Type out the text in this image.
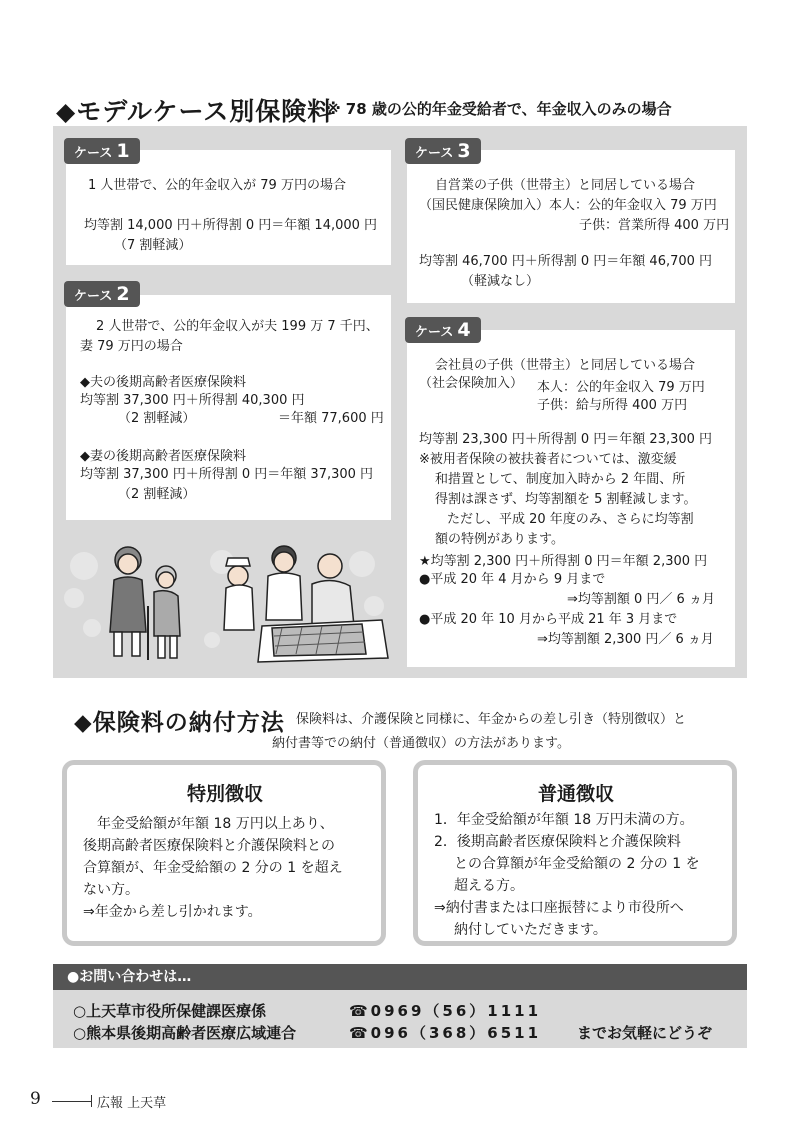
◆モデルケース別保険料
※ 78 歳の公的年金受給者で、年金収入のみの場合
1 人世帯で、公的年金収入が 79 万円の場合
均等割 14,000 円＋所得割 0 円＝年額 14,000 円
（7 割軽減）
ケース 1
2 人世帯で、公的年金収入が夫 199 万 7 千円、
妻 79 万円の場合
◆夫の後期高齢者医療保険料
均等割 37,300 円＋所得割 40,300 円
（2 割軽減）	＝年額 77,600 円
◆妻の後期高齢者医療保険料
均等割 37,300 円＋所得割 0 円＝年額 37,300 円
（2 割軽減）
ケース 2
自営業の子供（世帯主）と同居している場合
（国民健康保険加入） 本人：公的年金収入 79 万円
子供：営業所得 400 万円
均等割 46,700 円＋所得割 0 円＝年額 46,700 円
（軽減なし）
ケース 3
会社員の子供（世帯主）と同居している場合
（社会保険加入） 本人：公的年金収入 79 万円
子供：給与所得 400 万円
均等割 23,300 円＋所得割 0 円＝年額 23,300 円
※被用者保険の被扶養者については、激変緩
和措置として、制度加入時から 2 年間、所
得割は課さず、均等割額を 5 割軽減します。
ただし、平成 20 年度のみ、さらに均等割
額の特例があります。
★均等割 2,300 円＋所得割 0 円＝年額 2,300 円
●平成 20 年 4 月から 9 月まで
⇒均等割額 0 円／ 6 ヵ月
●平成 20 年 10 月から平成 21 年 3 月まで
⇒均等割額 2,300 円／ 6 ヵ月
ケース 4
◆保険料の納付方法 保険料は、介護保険と同様に、年金からの差し引き（特別徴収）と
納付書等での納付（普通徴収）の方法があります。
特別徴収
年金受給額が年額 18 万円以上あり、
後期高齢者医療保険料と介護保険料との
合算額が、年金受給額の 2 分の 1 を超え
ない方。
⇒年金から差し引かれます。
普通徴収
1．年金受給額が年額 18 万円未満の方。
2．後期高齢者医療保険料と介護保険料
との合算額が年金受給額の 2 分の 1 を
超える方。
⇒納付書または口座振替により市役所へ
納付していただきます。
●お問い合わせは…
○上天草市役所保健課医療係	☎0969（56）1111
○熊本県後期高齢者医療広域連合	☎096（368）6511 までお気軽にどうぞ
9	広報 上天草
